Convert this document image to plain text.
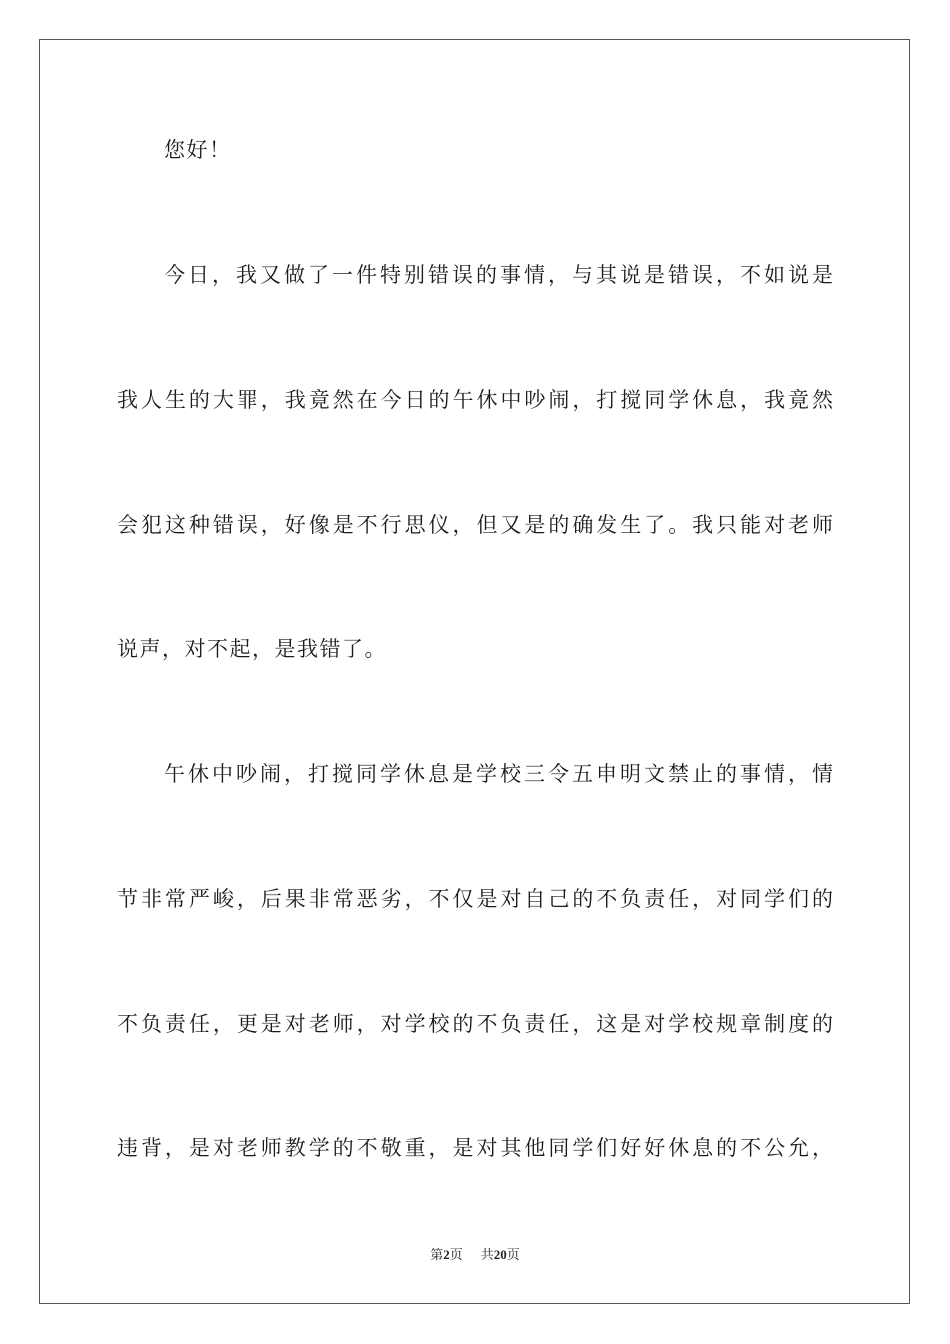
您好！
今日，我又做了一件特别错误的事情，与其说是错误，不如说是
我人生的大罪，我竟然在今日的午休中吵闹，打搅同学休息，我竟然
会犯这种错误，好像是不行思仪，但又是的确发生了。我只能对老师
说声，对不起，是我错了。
午休中吵闹，打搅同学休息是学校三令五申明文禁止的事情，情
节非常严峻，后果非常恶劣，不仅是对自己的不负责任，对同学们的
不负责任，更是对老师，对学校的不负责任，这是对学校规章制度的
违背，是对老师教学的不敬重，是对其他同学们好好休息的不公允，
第2页 共20页
